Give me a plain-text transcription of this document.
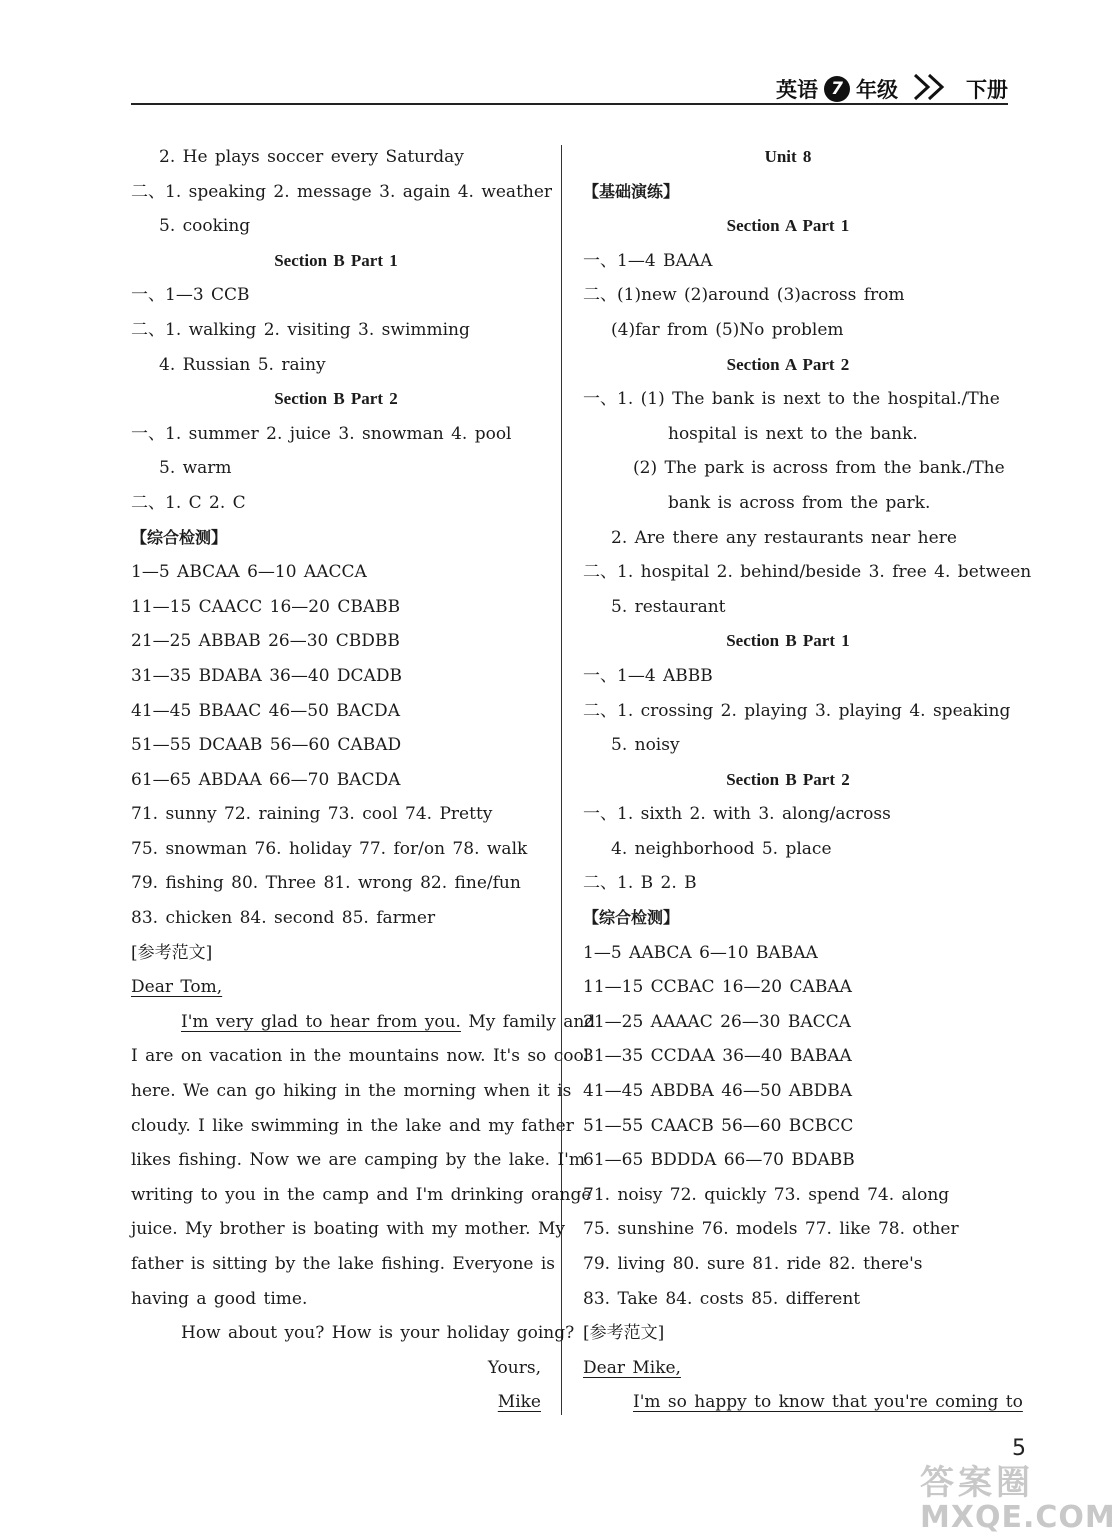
英语 7 年级	下册
2. He plays soccer every Saturday
二、1. speaking 2. message 3. again 4. weather
5. cooking
Section B Part 1
一、1—3 CCB
二、1. walking 2. visiting 3. swimming
4. Russian 5. rainy
Section B Part 2
一、1. summer 2. juice 3. snowman 4. pool
5. warm
二、1. C 2. C
【综合检测】
1—5 ABCAA 6—10 AACCA
11—15 CAACC 16—20 CBABB
21—25 ABBAB 26—30 CBDBB
31—35 BDABA 36—40 DCADB
41—45 BBAAC 46—50 BACDA
51—55 DCAAB 56—60 CABAD
61—65 ABDAA 66—70 BACDA
71. sunny 72. raining 73. cool 74. Pretty
75. snowman 76. holiday 77. for/on 78. walk
79. fishing 80. Three 81. wrong 82. fine/fun
83. chicken 84. second 85. farmer
[参考范文]
Dear Tom,
I'm very glad to hear from you. My family and
I are on vacation in the mountains now. It's so cool
here. We can go hiking in the morning when it is
cloudy. I like swimming in the lake and my father
likes fishing. Now we are camping by the lake. I'm
writing to you in the camp and I'm drinking orange
juice. My brother is boating with my mother. My
father is sitting by the lake fishing. Everyone is
having a good time.
How about you? How is your holiday going?
Yours,
Mike
Unit 8
【基础演练】
Section A Part 1
一、1—4 BAAA
二、(1)new (2)around (3)across from
(4)far from (5)No problem
Section A Part 2
一、1. (1) The bank is next to the hospital./The
hospital is next to the bank.
(2) The park is across from the bank./The
bank is across from the park.
2. Are there any restaurants near here
二、1. hospital 2. behind/beside 3. free 4. between
5. restaurant
Section B Part 1
一、1—4 ABBB
二、1. crossing 2. playing 3. playing 4. speaking
5. noisy
Section B Part 2
一、1. sixth 2. with 3. along/across
4. neighborhood 5. place
二、1. B 2. B
【综合检测】
1—5 AABCA 6—10 BABAA
11—15 CCBAC 16—20 CABAA
21—25 AAAAC 26—30 BACCA
31—35 CCDAA 36—40 BABAA
41—45 ABDBA 46—50 ABDBA
51—55 CAACB 56—60 BCBCC
61—65 BDDDA 66—70 BDABB
71. noisy 72. quickly 73. spend 74. along
75. sunshine 76. models 77. like 78. other
79. living 80. sure 81. ride 82. there's
83. Take 84. costs 85. different
[参考范文]
Dear Mike,
I'm so happy to know that you're coming to
5
答案圈
MXQE.COM
